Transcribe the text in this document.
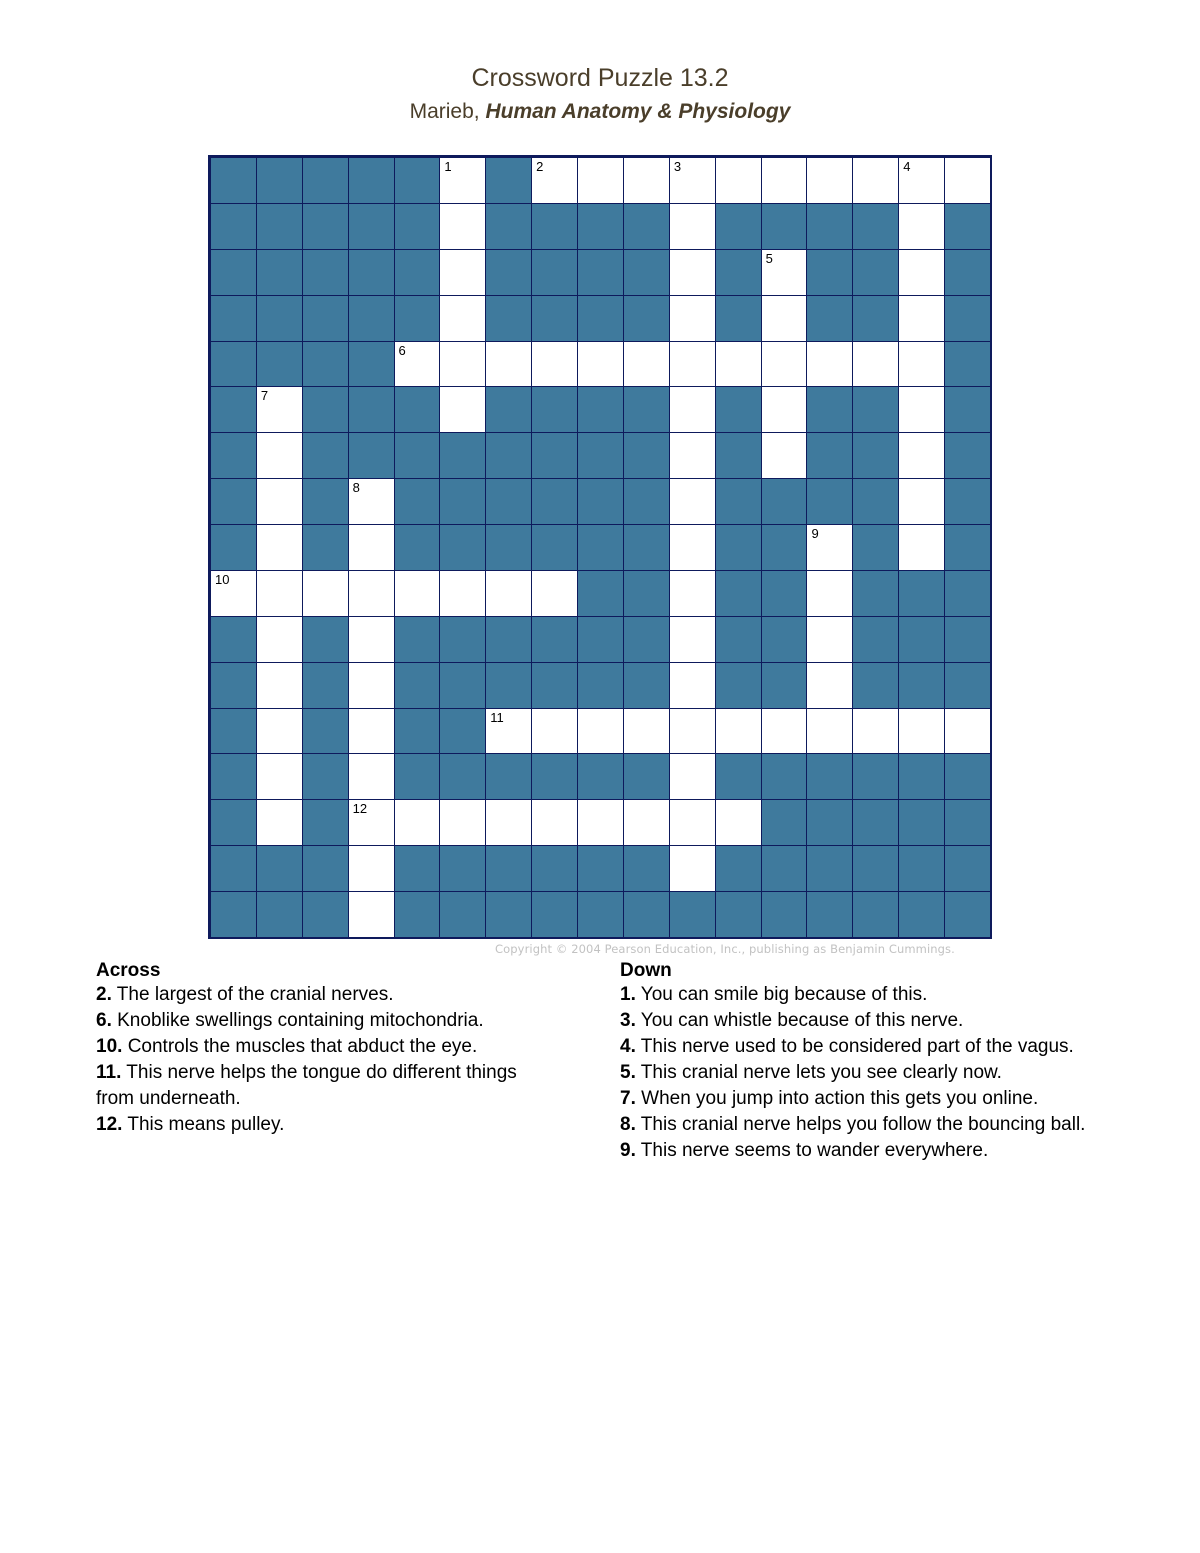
Crossword Puzzle 13.2
Marieb, Human Anatomy & Physiology
1	2	3	4
5
6
7
8
9
10
11
12
Copyright © 2004 Pearson Education, Inc., publishing as Benjamin Cummings.
Across
2. The largest of the cranial nerves.
6. Knoblike swellings containing mitochondria.
10. Controls the muscles that abduct the eye.
11. This nerve helps the tongue do different things from underneath.
12. This means pulley.
Down
1. You can smile big because of this.
3. You can whistle because of this nerve.
4. This nerve used to be considered part of the vagus.
5. This cranial nerve lets you see clearly now.
7. When you jump into action this gets you online.
8. This cranial nerve helps you follow the bouncing ball.
9. This nerve seems to wander everywhere.
